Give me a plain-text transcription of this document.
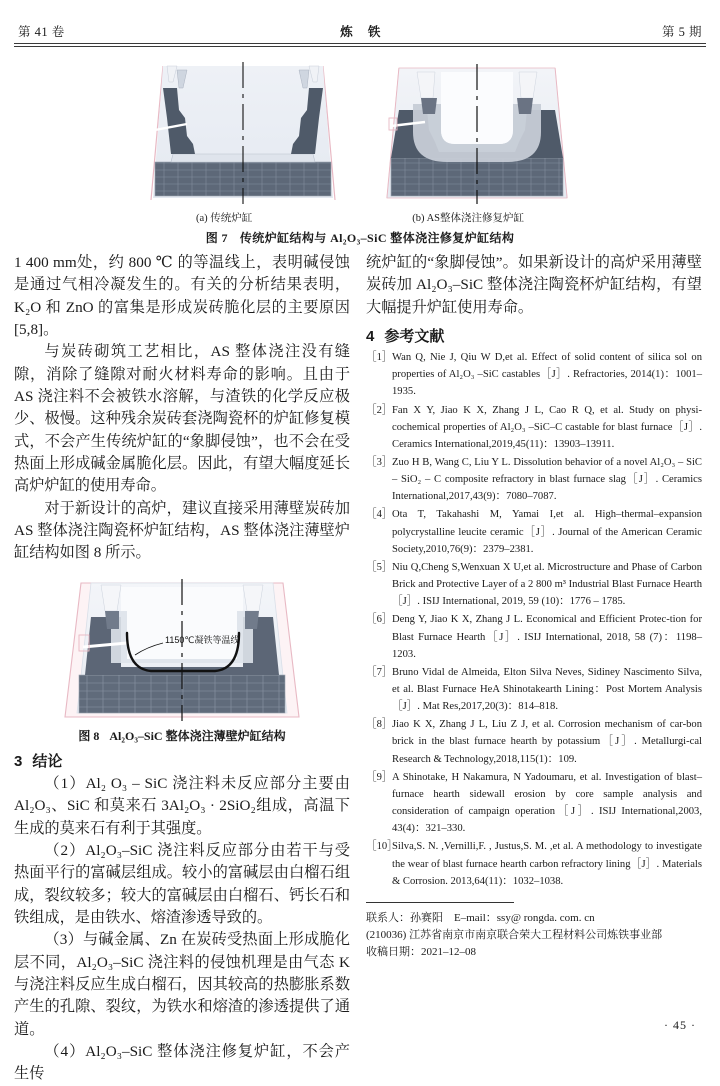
第 41 卷	炼 铁	第 5 期
(a) 传统炉缸	(b) AS整体浇注修复炉缸
图 7 传统炉缸结构与 Al₂O₃–SiC 整体浇注修复炉缸结构

1 400 mm处，约 800 ℃ 的等温线上，表明碱侵蚀是通过气相冷凝发生的。有关的分析结果表明，K₂O 和 ZnO 的富集是形成炭砖脆化层的主要原因[5,8]。

与炭砖砌筑工艺相比，AS 整体浇注没有缝隙，消除了缝隙对耐火材料寿命的影响。且由于 AS 浇注料不会被铁水溶解，与渣铁的化学反应极少、极慢。这种残余炭砖套浇陶瓷杯的炉缸修复模式，不会产生传统炉缸的“象脚侵蚀”，也不会在受热面上形成碱金属脆化层。因此，有望大幅度延长高炉炉缸的使用寿命。

对于新设计的高炉，建议直接采用薄壁炭砖加 AS 整体浇注陶瓷杯炉缸结构，AS 整体浇注薄壁炉缸结构如图 8 所示。

1150℃凝铁等温线
图 8 Al₂O₃–SiC 整体浇注薄壁炉缸结构
3 结论

（1）Al₂ O₃ – SiC 浇注料未反应部分主要由 Al₂O₃、SiC 和莫来石 3Al₂O₃ · 2SiO₂组成，高温下生成的莫来石有利于其强度。

（2）Al₂O₃–SiC 浇注料反应部分由若干与受热面平行的富碱层组成。较小的富碱层由白榴石组成，裂纹较多；较大的富碱层由白榴石、钙长石和铁组成，是由铁水、熔渣渗透导致的。

（3）与碱金属、Zn 在炭砖受热面上形成脆化层不同，Al₂O₃–SiC 浇注料的侵蚀机理是由气态 K 与浇注料反应生成白榴石，因其较高的热膨胀系数产生的孔隙、裂纹，为铁水和熔渣的渗透提供了通道。

（4）Al₂O₃–SiC 整体浇注修复炉缸，不会产生传

统炉缸的“象脚侵蚀”。如果新设计的高炉采用薄壁炭砖加 Al₂O₃–SiC 整体浇注陶瓷杯炉缸结构，有望大幅提升炉缸使用寿命。

4 参考文献
［1］ Wan Q, Nie J, Qiu W D,et al. Effect of solid content of silica sol on properties of Al₂O₃ –SiC castables［J］. Refractories, 2014(1)：1001–1935.
［2］ Fan X Y, Jiao K X, Zhang J L, Cao R Q, et al. Study on physi-cochemical properties of Al₂O₃ –SiC–C castable for blast furnace［J］. Ceramics International,2019,45(11)：13903–13911.
［3］ Zuo H B, Wang C, Liu Y L. Dissolution behavior of a novel Al₂O₃ – SiC – SiO₂ – C composite refractory in blast furnace slag［J］. Ceramics International,2017,43(9)：7080–7087.
［4］ Ota T, Takahashi M, Yamai I,et al. High–thermal–expansion polycrystalline leucite ceramic［J］. Journal of the American Ceramic Society,2010,76(9)：2379–2381.
［5］ Niu Q,Cheng S,Wenxuan X U,et al. Microstructure and Phase of Carbon Brick and Protective Layer of a 2 800 m³ Industrial Blast Furnace Hearth［J］. ISIJ International, 2019, 59 (10)：1776 – 1785.
［6］ Deng Y, Jiao K X, Zhang J L. Economical and Efficient Protec-tion for Blast Furnace Hearth［J］. ISIJ International, 2018, 58 (7)：1198–1203.
［7］ Bruno Vidal de Almeida, Elton Silva Neves, Sidiney Nascimento Silva, et al. Blast Furnace HeA Shinotakearth Lining：Post Mortem Analysis［J］. Mat Res,2017,20(3)：814–818.
［8］ Jiao K X, Zhang J L, Liu Z J, et al. Corrosion mechanism of car-bon brick in the blast furnace hearth by potassium［J］. Metallurgi-cal Research & Technology,2018,115(1)：109.
［9］ A Shinotake, H Nakamura, N Yadoumaru, et al. Investigation of blast–furnace hearth sidewall erosion by core sample analysis and consideration of campaign operation［J］. ISIJ International,2003, 43(4)：321–330.
［10］
Silva,S. N. ,Vernilli,F. , Justus,S. M. ,et al. A methodology to investigate the wear of blast furnace hearth carbon refractory lining［J］. Materials & Corrosion. 2013,64(11)：1032–1038.
联系人：孙赛阳　E–mail：ssy@ rongda. com. cn
(210036) 江苏省南京市南京联合荣大工程材料公司炼铁事业部
收稿日期：2021–12–08
· 45 ·
